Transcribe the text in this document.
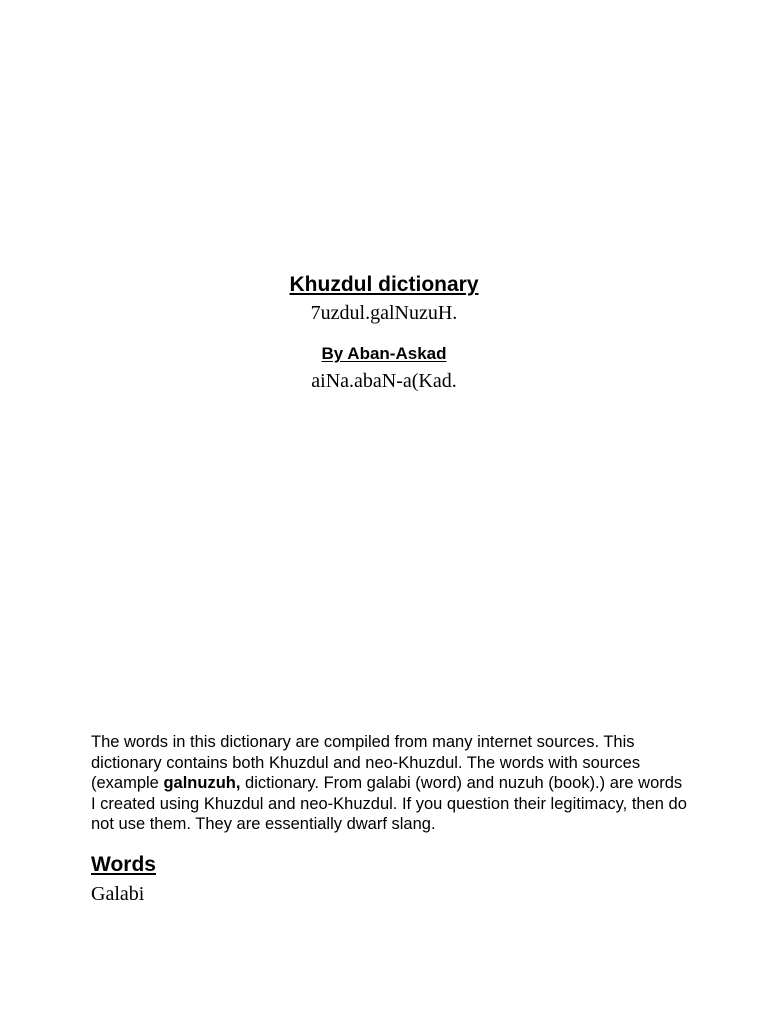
Khuzdul dictionary
7uzdul.galNuzuH.
By Aban-Askad
aiNa.abaN-a(Kad.

The words in this dictionary are compiled from many internet sources. This dictionary contains both Khuzdul and neo-Khuzdul. The words with sources (example galnuzuh, dictionary. From galabi (word) and nuzuh (book).) are words I created using Khuzdul and neo-Khuzdul. If you question their legitimacy, then do not use them. They are essentially dwarf slang.

Words
Galabi
